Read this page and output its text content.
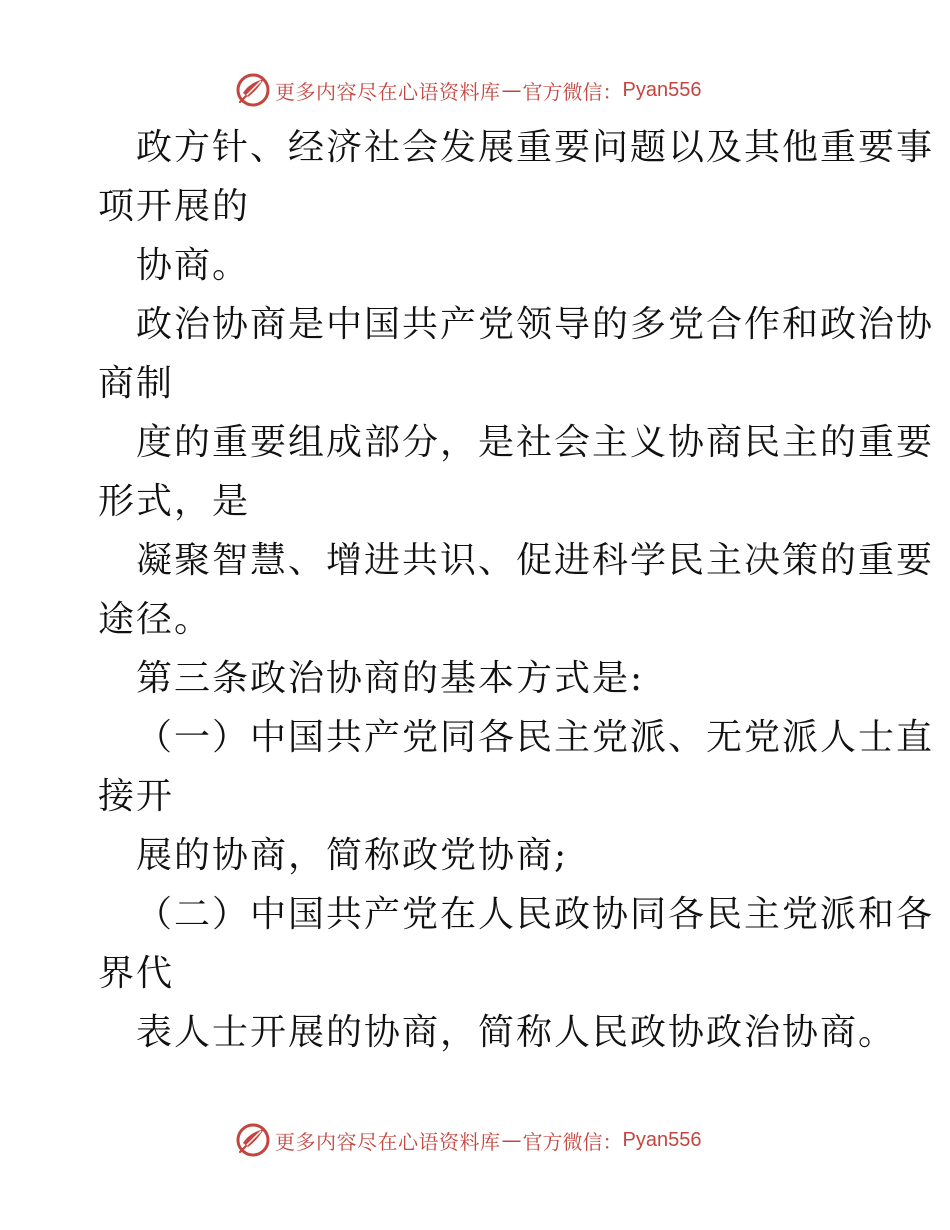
更多内容尽在心语资料库 — 官方微信： Pyan556
政方针、经济社会发展重要问题以及其他重要事
项开展的
协商。
政治协商是中国共产党领导的多党合作和政治协
商制
度的重要组成部分，是社会主义协商民主的重要
形式，是
凝聚智慧、增进共识、促进科学民主决策的重要
途径。
第三条政治协商的基本方式是:
（一）中国共产党同各民主党派、无党派人士直
接开
展的协商，简称政党协商;
（二）中国共产党在人民政协同各民主党派和各
界代
表人士开展的协商，简称人民政协政治协商。
更多内容尽在心语资料库 — 官方微信： Pyan556
